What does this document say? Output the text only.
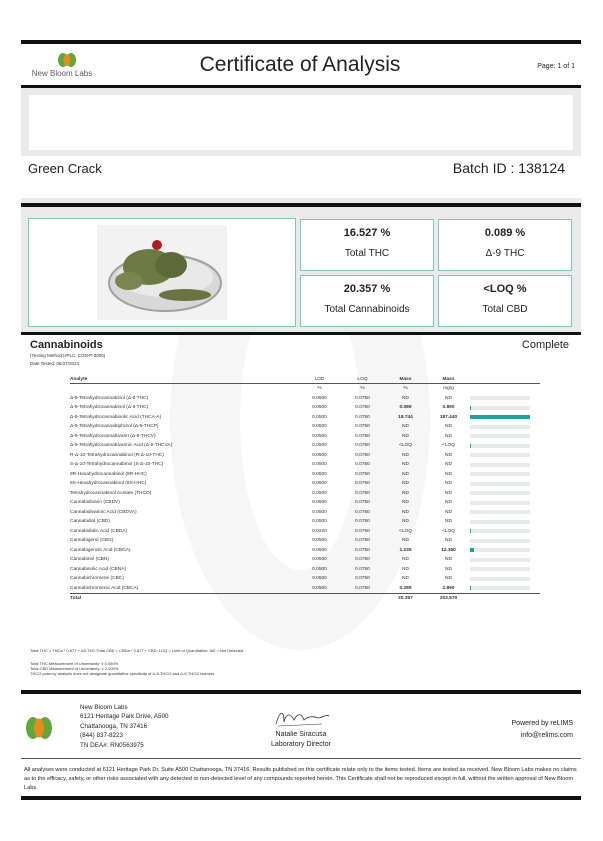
New Bloom Labs	Certificate of Analysis	Page: 1 of 1
Green Crack	Batch ID : 138124
16.527 %
Total THC
0.089 %
Δ-9 THC
20.357 %
Total Cannabinoids
<LOQ %
Total CBD
Cannabinoids	Complete
(Testing Method:HPLC, CON-P-3000)
Date Tested: 06/27/2023
Analyte	LOD	LOQ	Mass	Mass	
	%	%	%	mg/g	
Δ-8-Tetrahydrocannabinol (Δ-8 THC)	0.0500	0.0750	ND	ND	

Δ-9-Tetrahydrocannabinol (Δ-9 THC)	0.0500	0.0750	0.089	0.890	

Δ-9-Tetrahydrocannabinolic Acid (THCA-A)	0.0500	0.0750	18.744	187.440	

Δ-9-Tetrahydrocannabiphorol (Δ-9-THCP)	0.0500	0.0750	ND	ND	

Δ-9-Tetrahydrocannabivarin (Δ-9-THCV)	0.0500	0.0750	ND	ND	

Δ-9-Tetrahydrocannabivarinic Acid (Δ-9-THCVA)	0.0500	0.0750	<LOQ	<LOQ	

R-Δ-10-Tetrahydrocannabinol (R-Δ-10-THC)	0.0500	0.0750	ND	ND	

S-Δ-10-Tetrahydrocannabinol (S-Δ-10-THC)	0.0500	0.0750	ND	ND	

9R-Hexahydrocannabinol (9R-HHC)	0.0500	0.0750	ND	ND	

9S-Hexahydrocannabinol (9S-HHC)	0.0500	0.0750	ND	ND	

Tetrahydrocannabinol Acetate (THCO)	0.0500	0.0750	ND	ND	

Cannabidivarin (CBDV)	0.0500	0.0750	ND	ND	

Cannabidivarinic Acid (CBDVA)	0.0500	0.0750	ND	ND	

Cannabidiol (CBD)	0.0500	0.0750	ND	ND	

Cannabidiolic Acid (CBDA)	0.0220	0.0750	<LOQ	<LOQ	

Cannabigerol (CBG)	0.0500	0.0750	ND	ND	

Cannabigerolic Acid (CBGA)	0.0500	0.0750	1.235	12.350	

Cannabinol (CBN)	0.0500	0.0750	ND	ND	

Cannabinolic Acid (CBNA)	0.0500	0.0750	ND	ND	

Cannabichromene (CBC)	0.0500	0.0750	ND	ND	

Cannabichromenic Acid (CBCA)	0.0500	0.0750	0.289	2.890	

Total			20.357	203.570	
Total THC = THCa * 0.877 + Δ9-THC;Total CBD = CBDa * 0.877 + CBD; LOQ = Limit of Quantitation; ND = Not Detected.
Total THC Measurement of Uncertainty: ± 0.050%
Total CBD Measurement of Uncertainty: ± 2.000%
THCO potency analysis does not designate quantitative specificity of Δ-8-THCO and Δ-9-THCO isomers
New Bloom Labs
6121 Heritage Park Drive, A500
Chattanooga, TN 37416
(844) 837-8223
TN DEA#: RN0563975
Natalie Siracusa
Laboratory Director
Powered by reLIMS
info@relims.com
All analyses were conducted at 6121 Heritage Park Dr, Suite A500 Chattanooga, TN 37416. Results published on this certificate relate only to the items tested. Items are tested as received. New Bloom Labs makes no claims as to the efficacy, safety, or other risks associated with any detected or non-detected level of any compounds reported herein. This Certificate shall not be reproduced except in full, without the written approval of New Bloom Labs.
